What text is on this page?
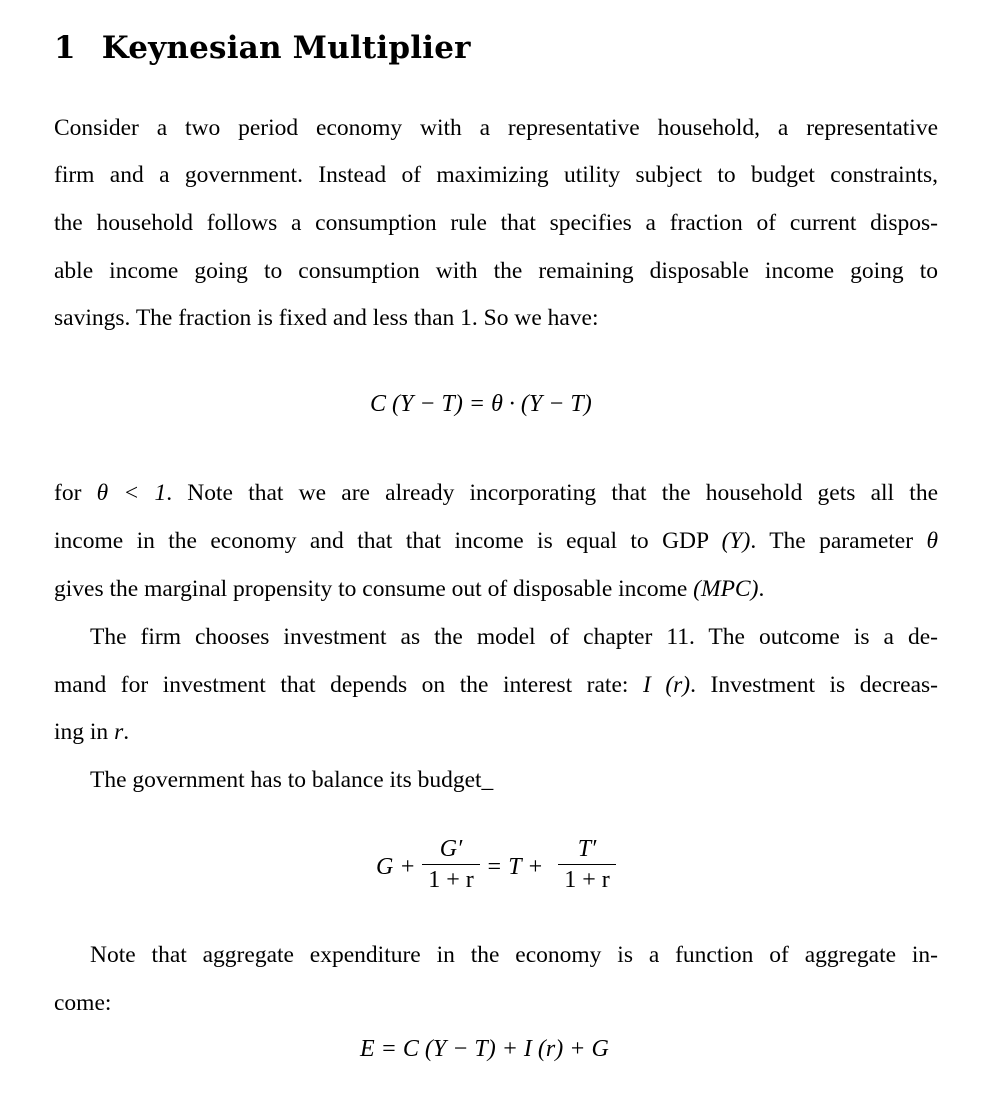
1 Keynesian Multiplier

Consider a two period economy with a representative household, a representative

firm and a government. Instead of maximizing utility subject to budget constraints,

the household follows a consumption rule that specifies a fraction of current dispos-

able income going to consumption with the remaining disposable income going to

savings. The fraction is fixed and less than 1. So we have:

C (Y − T) = θ · (Y − T)

for θ < 1. Note that we are already incorporating that the household gets all the

income in the economy and that that income is equal to GDP (Y). The parameter θ

gives the marginal propensity to consume out of disposable income (MPC).

The firm chooses investment as the model of chapter 11. The outcome is a de-

mand for investment that depends on the interest rate: I (r). Investment is decreas-

ing in r.

The government has to balance its budget_

G +
G′
1 + r = T +
T′
1 + r

Note that aggregate expenditure in the economy is a function of aggregate in-

come:

E = C (Y − T) + I (r) + G
